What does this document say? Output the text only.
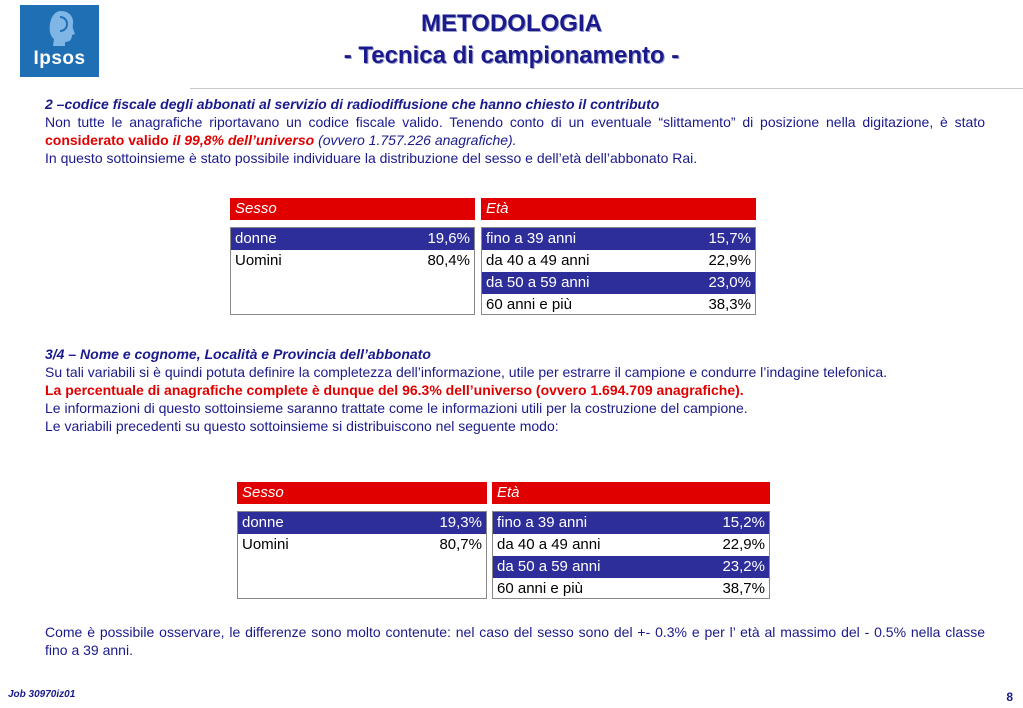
Ipsos
METODOLOGIA
- Tecnica di campionamento -
2 –codice fiscale degli abbonati al servizio di radiodiffusione che hanno chiesto il contributo
Non tutte le anagrafiche riportavano un codice fiscale valido. Tenendo conto di un eventuale “slittamento” di posizione nella digitazione, è stato considerato valido il 99,8% dell’universo (ovvero 1.757.226 anagrafiche).
In questo sottoinsieme è stato possibile individuare la distribuzione del sesso e dell’età dell’abbonato Rai.
Sesso	Età
donne	19,6%
Uomini	80,4%
fino a 39 anni	15,7%
da 40 a 49 anni	22,9%
da 50 a 59 anni	23,0%
60 anni e più	38,3%
3/4 – Nome e cognome, Località e Provincia dell’abbonato
Su tali variabili si è quindi potuta definire la completezza dell’informazione, utile per estrarre il campione e condurre l’indagine telefonica.
La percentuale di anagrafiche complete è dunque del 96.3% dell’universo (ovvero 1.694.709 anagrafiche).
Le informazioni di questo sottoinsieme saranno trattate come le informazioni utili per la costruzione del campione.
Le variabili precedenti su questo sottoinsieme si distribuiscono nel seguente modo:
Sesso	Età
donne	19,3%
Uomini	80,7%
fino a 39 anni	15,2%
da 40 a 49 anni	22,9%
da 50 a 59 anni	23,2%
60 anni e più	38,7%
Come è possibile osservare, le differenze sono molto contenute: nel caso del sesso sono del +- 0.3% e per l’ età al massimo del - 0.5% nella classe fino a 39 anni.
Job 30970iz01	8
